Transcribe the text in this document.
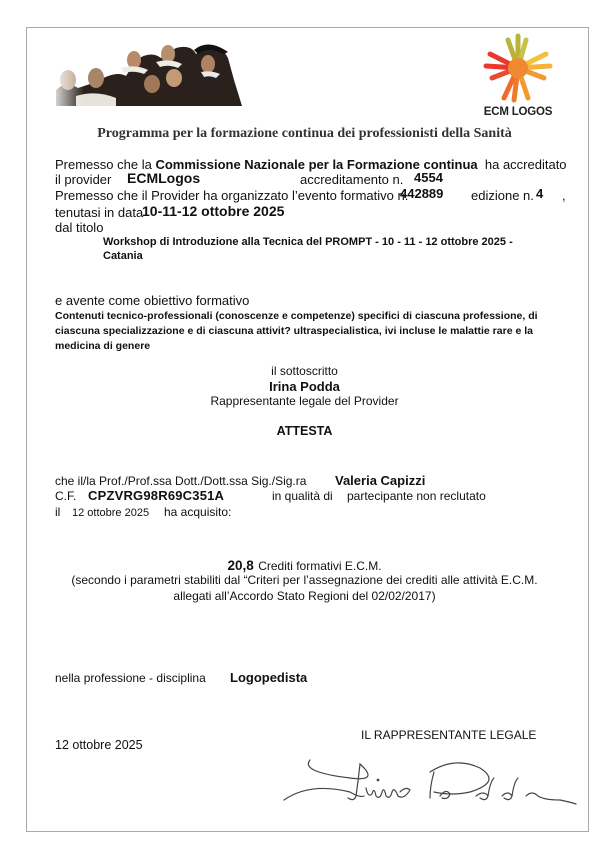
ECM LOGOS
Programma per la formazione continua dei professionisti della Sanità
Premesso che la Commissione Nazionale per la Formazione continua ha accreditato
il provider ECMLogos	accreditamento n. 4554
Premesso che il Provider ha organizzato l’evento formativo n.
442889 edizione n. 4 ,
tenutasi in data
10-11-12 ottobre 2025
dal titolo
Workshop di Introduzione alla Tecnica del PROMPT - 10 - 11 - 12 ottobre 2025 -
Catania
e avente come obiettivo formativo
Contenuti tecnico-professionali (conoscenze e competenze) specifici di ciascuna professione, di
ciascuna specializzazione e di ciascuna attivit? ultraspecialistica, ivi incluse le malattie rare e la
medicina di genere
il sottoscritto
Irina Podda
Rappresentante legale del Provider
ATTESTA
che il/la Prof./Prof.ssa Dott./Dott.ssa Sig./Sig.ra Valeria Capizzi
C.F. CPZVRG98R69C351A	in qualità di partecipante non reclutato
il 12 ottobre 2025 ha acquisito:
20,8 Crediti formativi E.C.M.
(secondo i parametri stabiliti dal “Criteri per l’assegnazione dei crediti alle attività E.C.M.
allegati all’Accordo Stato Regioni del 02/02/2017)
nella professione - disciplina Logopedista
12 ottobre 2025
IL RAPPRESENTANTE LEGALE
